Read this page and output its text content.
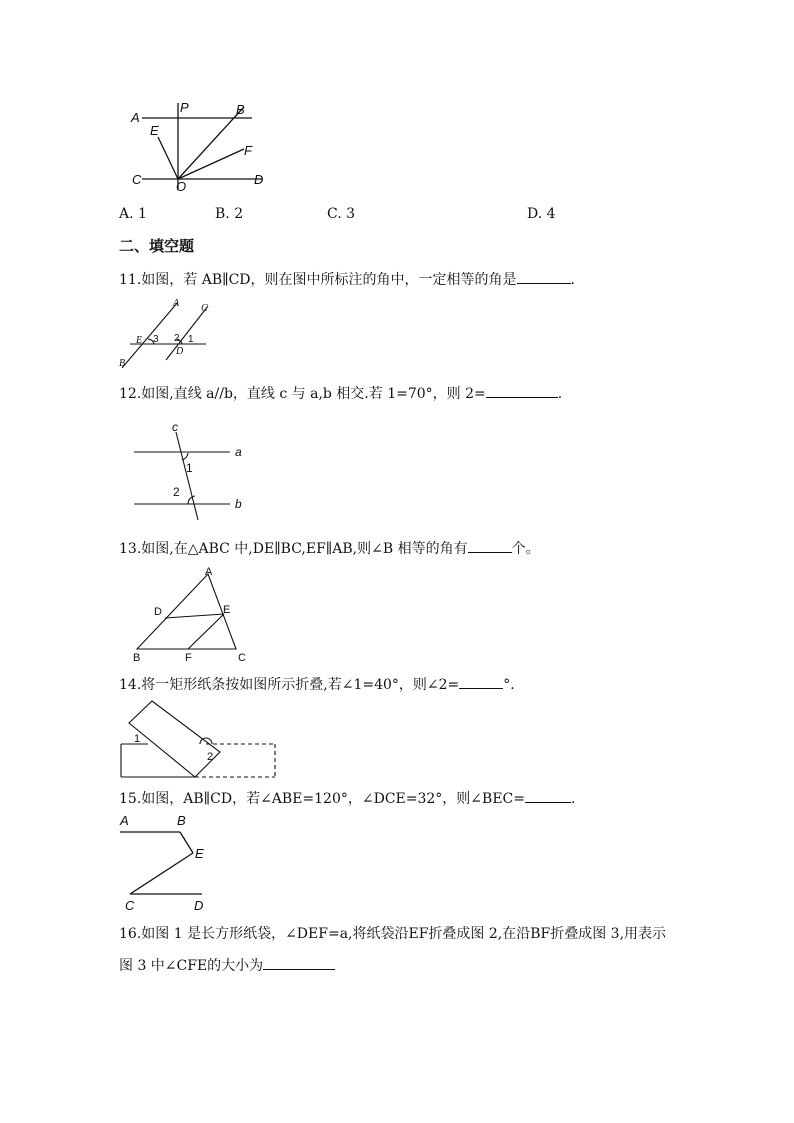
A
P	B
E
F
C	O	D
A. 1	B. 2	C. 3	D. 4
二、填空题
11.如图，若 AB∥CD，则在图中所标注的角中，一定相等的角是	.
A C
E 3 2 1
D
B
12.如图,直线 a//b，直线 c 与 a,b 相交.若 1=70°，则 2=	.
c
a
b
1
2
13.如图,在△ABC 中,DE∥BC,EF∥AB,则∠B 相等的角有	个。
A
D	E
B	F	C
14.将一矩形纸条按如图所示折叠,若∠1=40°，则∠2=	°．
1
2
15.如图，AB∥CD，若∠ABE=120°，∠DCE=32°，则∠BEC=	.
A	B
E
C	D
16.如图 1 是长方形纸袋，∠DEF=a,将纸袋沿EF折叠成图 2,在沿BF折叠成图 3,用表示
图 3 中∠CFE的大小为
